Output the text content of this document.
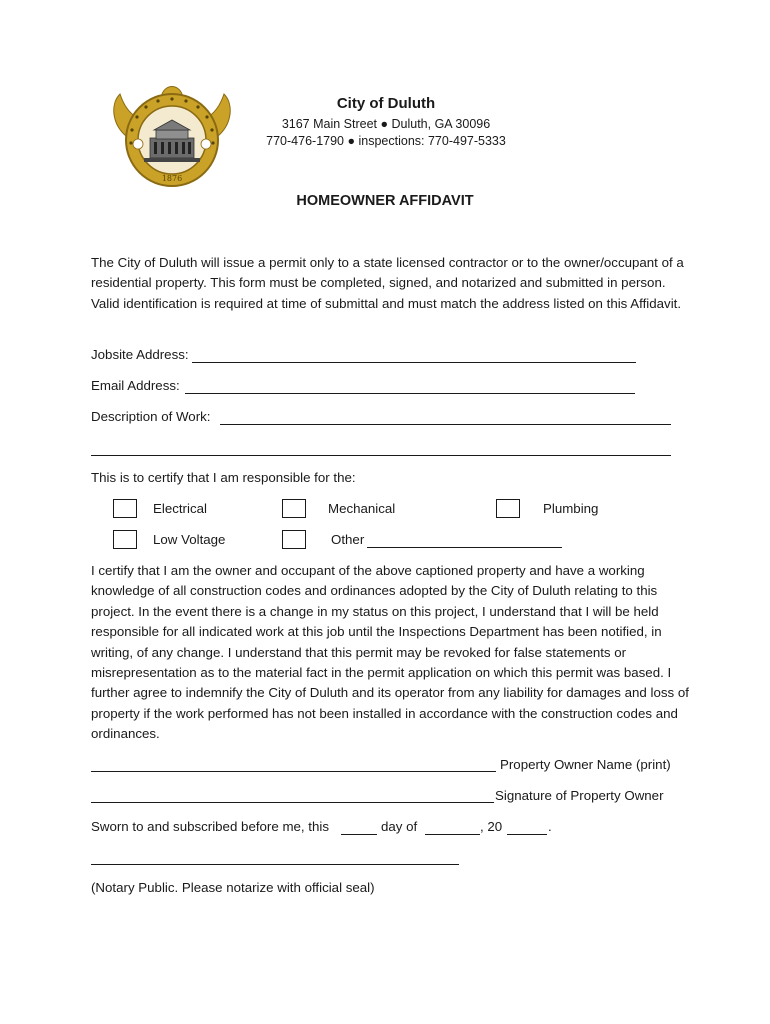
1876
City of Duluth
3167 Main Street ● Duluth, GA 30096
770-476-1790 ● inspections: 770-497-5333
HOMEOWNER AFFIDAVIT
The City of Duluth will issue a permit only to a state licensed contractor or to the owner/occupant of a residential property. This form must be completed, signed, and notarized and submitted in person. Valid identification is required at time of submittal and must match the address listed on this Affidavit.
Jobsite Address:
Email Address:
Description of Work:
This is to certify that I am responsible for the:
Electrical	Mechanical	Plumbing
Low Voltage	Other
I certify that I am the owner and occupant of the above captioned property and have a working knowledge of all construction codes and ordinances adopted by the City of Duluth relating to this project. In the event there is a change in my status on this project, I understand that I will be held responsible for all indicated work at this job until the Inspections Department has been notified, in writing, of any change. I understand that this permit may be revoked for false statements or misrepresentation as to the material fact in the permit application on which this permit was based. I further agree to indemnify the City of Duluth and its operator from any liability for damages and loss of property if the work performed has not been installed in accordance with the construction codes and ordinances.
Property Owner Name (print)
Signature of Property Owner
Sworn to and subscribed before me, this	day of	, 20	.
(Notary Public. Please notarize with official seal)
